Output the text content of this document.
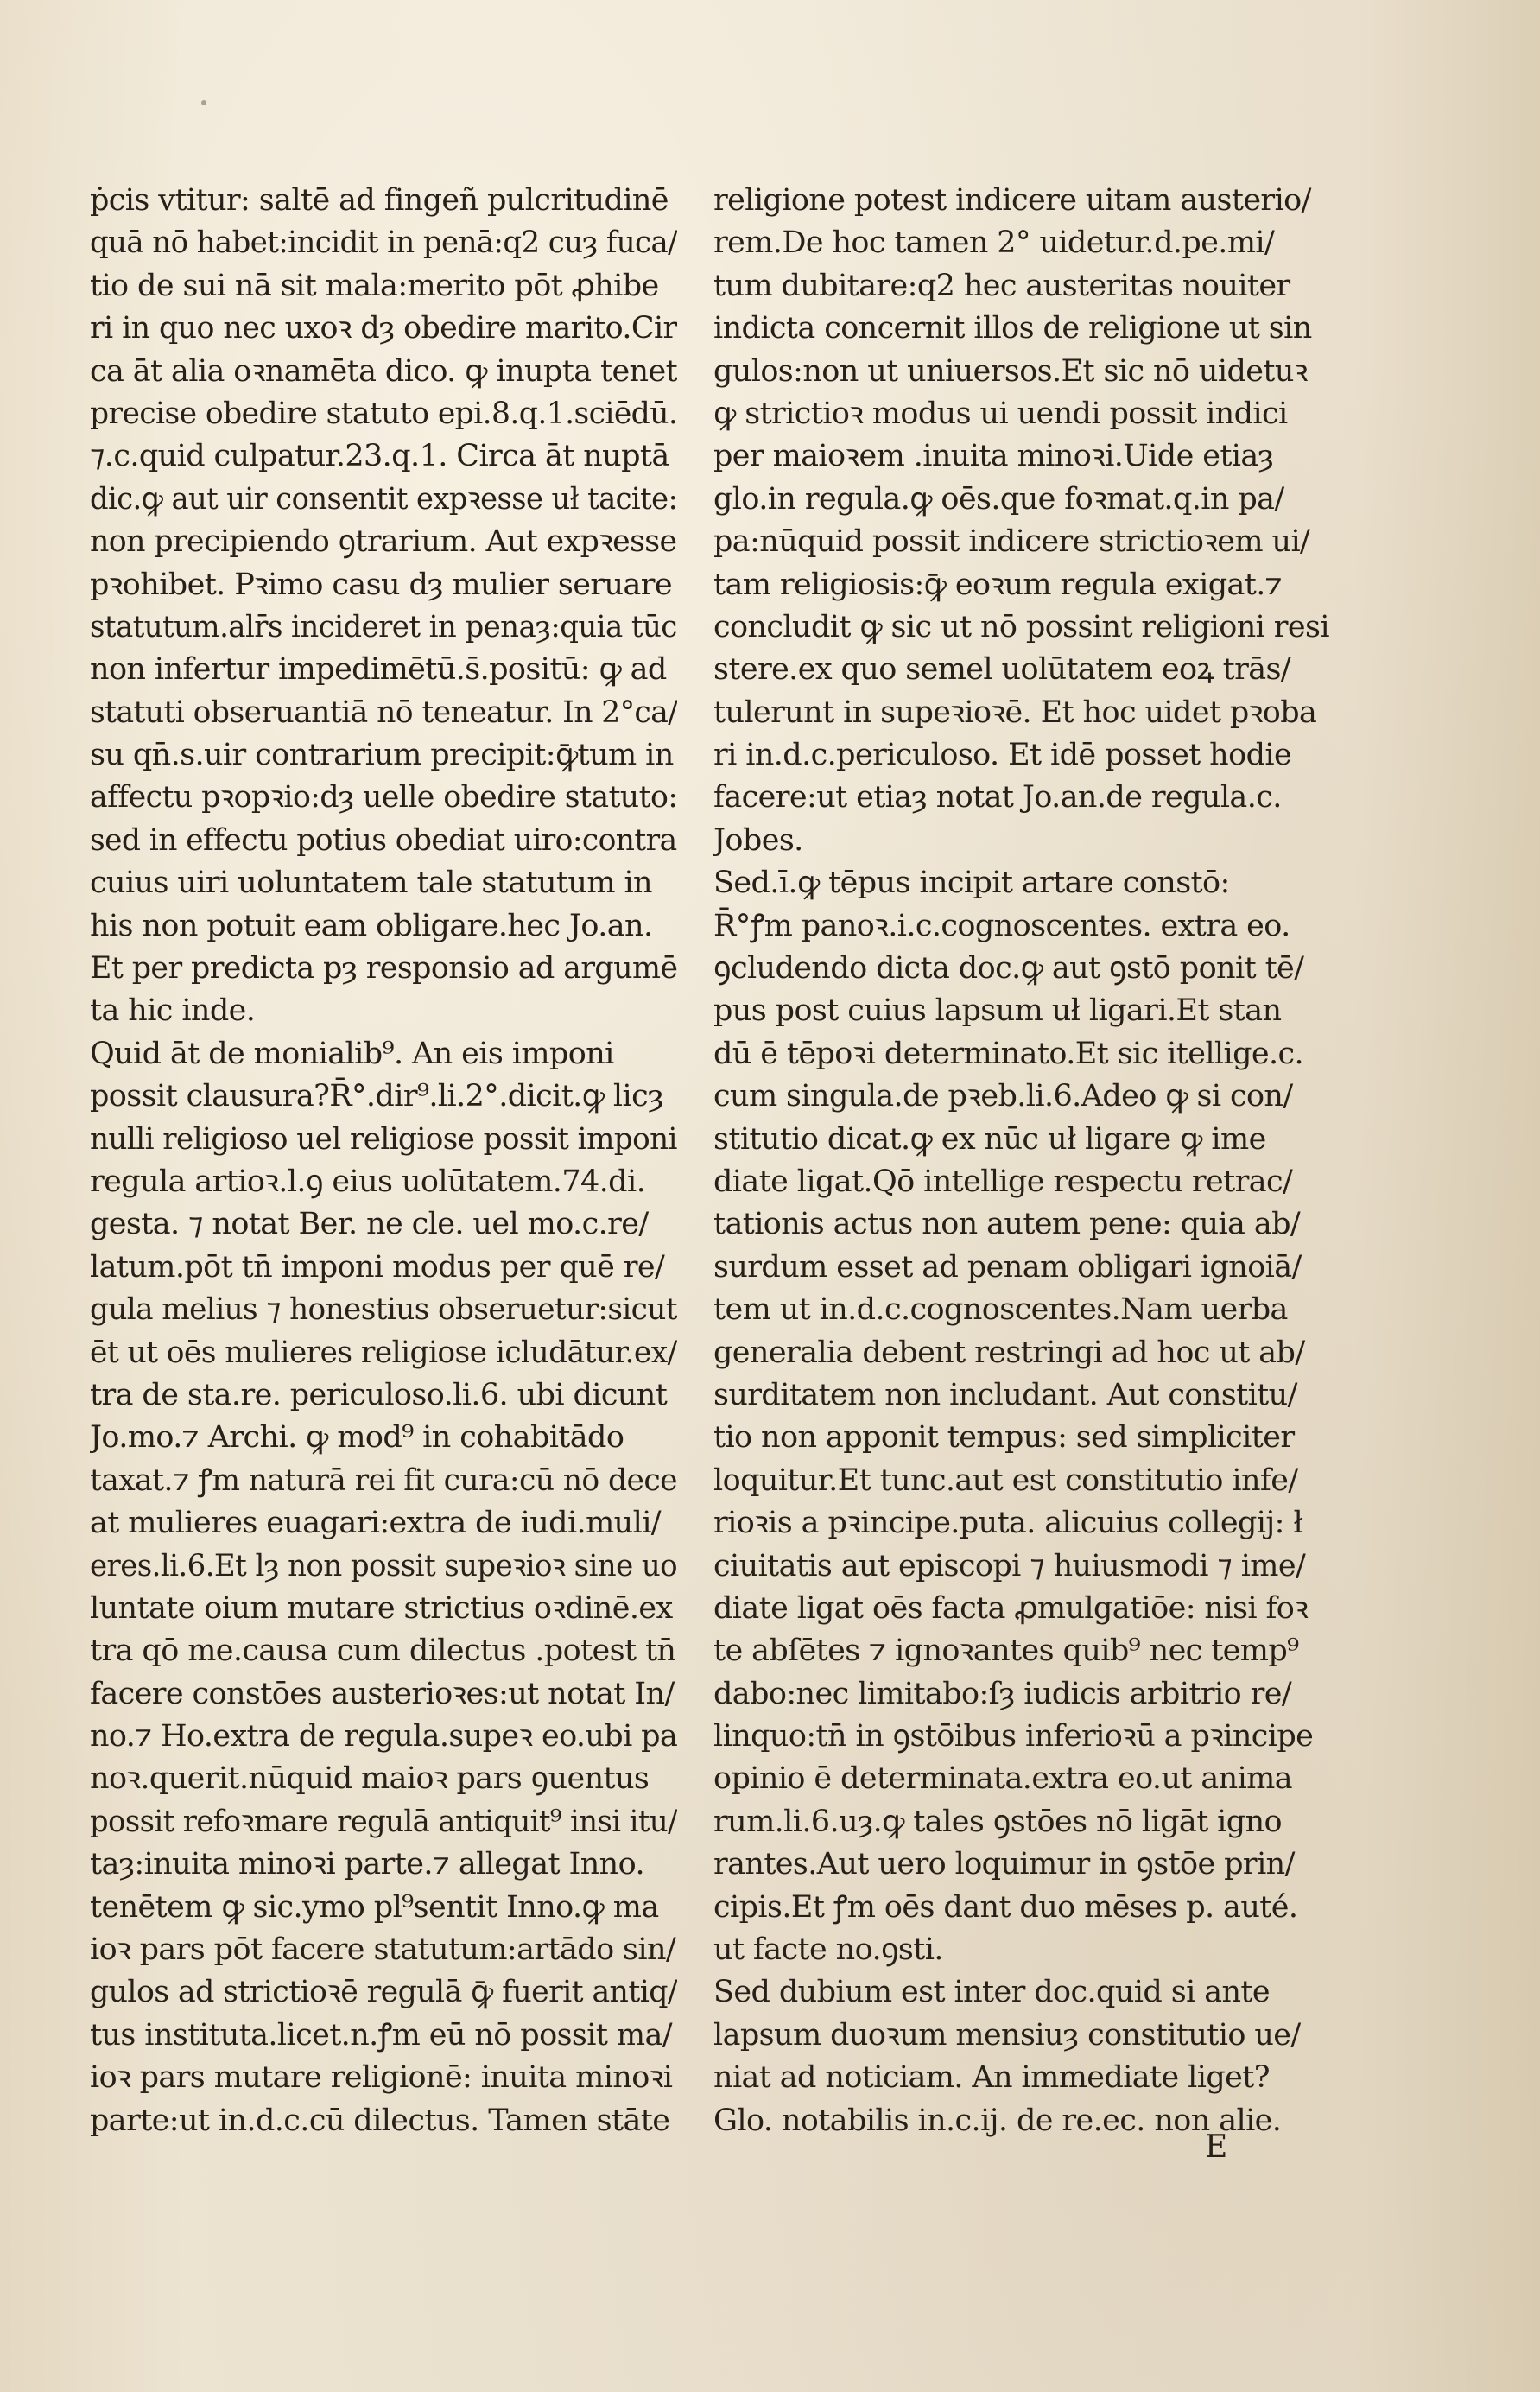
ṗcis vtitur: saltē ad fingeñ pulcritudinē
quā nō habet:incidit in penā:q2 cuȝ fuca/
tio de sui nā sit mala:merito pōt ꝓhibe
ri in quo nec uxoꝛ dȝ obedire marito.Cir
ca āt alia oꝛnamēta dico. ꝙ inupta tenet
precise obedire statuto epi.8.q.1.sciēdū.
⁊.c.quid culpatur.23.q.1. Circa āt nuptā
dic.ꝙ aut uir consentit expꝛesse uł tacite:
non precipiendo ꝯtrarium. Aut expꝛesse
pꝛohibet. Pꝛimo casu dȝ mulier seruare
statutum.alr̄s incideret in penaȝ:quia tūc
non infertur impedimētū.s̄.positū: ꝙ ad
statuti obseruantiā nō teneatur. In 2°ca/
su qn̄.s.uir contrarium precipit:ꝙ̄tum in
affectu pꝛopꝛio:dȝ uelle obedire statuto:
sed in effectu potius obediat uiro:contra
cuius uiri uoluntatem tale statutum in
his non potuit eam obligare.hec Jo.an.
Et per predicta pȝ responsio ad argumē
ta hic inde.
Quid āt de monialib⁹. An eis imponi
possit clausura?R̄°.dir⁹.li.2°.dicit.ꝙ licȝ
nulli religioso uel religiose possit imponi
regula artioꝛ.l.ꝯ eius uolūtatem.74.di.
gesta. ⁊ notat Ber. ne cle. uel mo.c.re/
latum.pōt tn̄ imponi modus per quē re/
gula melius ⁊ honestius obseruetur:sicut
ēt ut oēs mulieres religiose icludātur.ex/
tra de sta.re. periculoso.li.6. ubi dicunt
Jo.mo.⁊ Archi. ꝙ mod⁹ in cohabitādo
taxat.⁊ ꝭm naturā rei fit cura:cū nō dece
at mulieres euagari:extra de iudi.muli/
eres.li.6.Et lȝ non possit supeꝛioꝛ sine uo
luntate oium mutare strictius oꝛdinē.ex
tra qō me.causa cum dilectus .potest tn̄
facere constōes austerioꝛes:ut notat In/
no.⁊ Ho.extra de regula.supeꝛ eo.ubi pa
noꝛ.querit.nūquid maioꝛ pars ꝯuentus
possit refoꝛmare regulā antiquit⁹ insi itu/
taȝ:inuita minoꝛi parte.⁊ allegat Inno.
tenētem ꝙ sic.ymo pl⁹sentit Inno.ꝙ ma
ioꝛ pars pōt facere statutum:artādo sin/
gulos ad strictioꝛē regulā ꝙ̄ fuerit antiq/
tus instituta.licet.n.ꝭm eū nō possit ma/
ioꝛ pars mutare religionē: inuita minoꝛi
parte:ut in.d.c.cū dilectus. Tamen stāte
religione potest indicere uitam austerio/
rem.De hoc tamen 2° uidetur.d.pe.mi/
tum dubitare:q2 hec austeritas nouiter
indicta concernit illos de religione ut sin
gulos:non ut uniuersos.Et sic nō uidetuꝛ
ꝙ strictioꝛ modus ui uendi possit indici
per maioꝛem .inuita minoꝛi.Uide etiaȝ
glo.in regula.ꝙ oēs.que foꝛmat.q.in pa/
pa:nūquid possit indicere strictioꝛem ui/
tam religiosis:ꝙ̄ eoꝛum regula exigat.⁊
concludit ꝙ sic ut nō possint religioni resi
stere.ex quo semel uolūtatem eoꝝ trās/
tulerunt in supeꝛioꝛē. Et hoc uidet pꝛoba
ri in.d.c.periculoso. Et idē posset hodie
facere:ut etiaȝ notat Jo.an.de regula.c.
Jobes.
Sed.ī.ꝙ tēpus incipit artare constō:
R̄°ꝭm panoꝛ.i.c.cognoscentes. extra eo.
ꝯcludendo dicta doc.ꝙ aut ꝯstō ponit tē/
pus post cuius lapsum uł ligari.Et stan
dū ē tēpoꝛi determinato.Et sic itellige.c.
cum singula.de pꝛeb.li.6.Adeo ꝙ si con/
stitutio dicat.ꝙ ex nūc uł ligare ꝙ ime
diate ligat.Qō intellige respectu retrac/
tationis actus non autem pene: quia ab/
surdum esset ad penam obligari ignoiā/
tem ut in.d.c.cognoscentes.Nam uerba
generalia debent restringi ad hoc ut ab/
surditatem non includant. Aut constitu/
tio non apponit tempus: sed simpliciter
loquitur.Et tunc.aut est constitutio infe/
rioꝛis a pꝛincipe.puta. alicuius collegij: ł
ciuitatis aut episcopi ⁊ huiusmodi ⁊ ime/
diate ligat oēs facta ꝓmulgatiōe: nisi foꝛ
te abſētes ⁊ ignoꝛantes quib⁹ nec temp⁹
dabo:nec limitabo:ſȝ iudicis arbitrio re/
linquo:tn̄ in ꝯstōibus inferioꝛū a pꝛincipe
opinio ē determinata.extra eo.ut anima
rum.li.6.uȝ.ꝙ tales ꝯstōes nō ligāt igno
rantes.Aut uero loquimur in ꝯstōe prin/
cipis.Et ꝭm oēs dant duo mēses p. auté.
ut facte no.ꝯsti.
Sed dubium est inter doc.quid si ante
lapsum duoꝛum mensiuȝ constitutio ue/
niat ad noticiam. An immediate liget?
Glo. notabilis in.c.ij. de re.ec. non alie.
E
